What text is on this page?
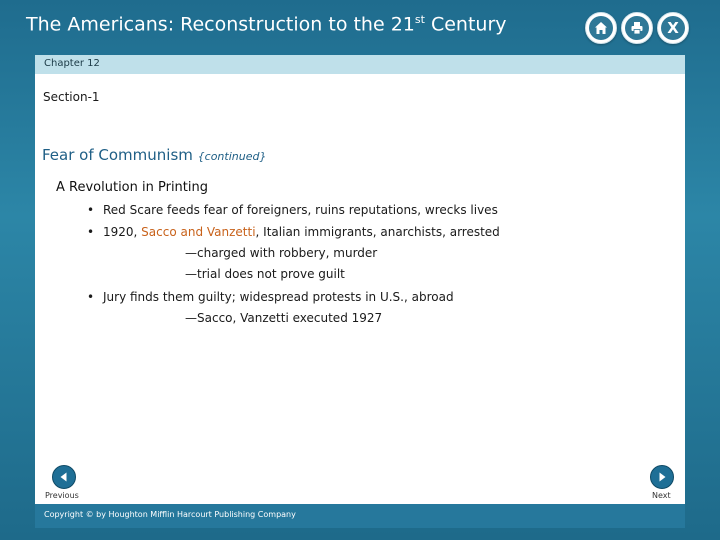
The Americans: Reconstruction to the 21st Century	X
Chapter 12
Section-1
Fear of Communism {continued}
A Revolution in Printing
• Red Scare feeds fear of foreigners, ruins reputations, wrecks lives
• 1920, Sacco and Vanzetti, Italian immigrants, anarchists, arrested
—charged with robbery, murder
—trial does not prove guilt
• Jury finds them guilty; widespread protests in U.S., abroad
—Sacco, Vanzetti executed 1927
Previous	Next
Copyright © by Houghton Mifflin Harcourt Publishing Company
